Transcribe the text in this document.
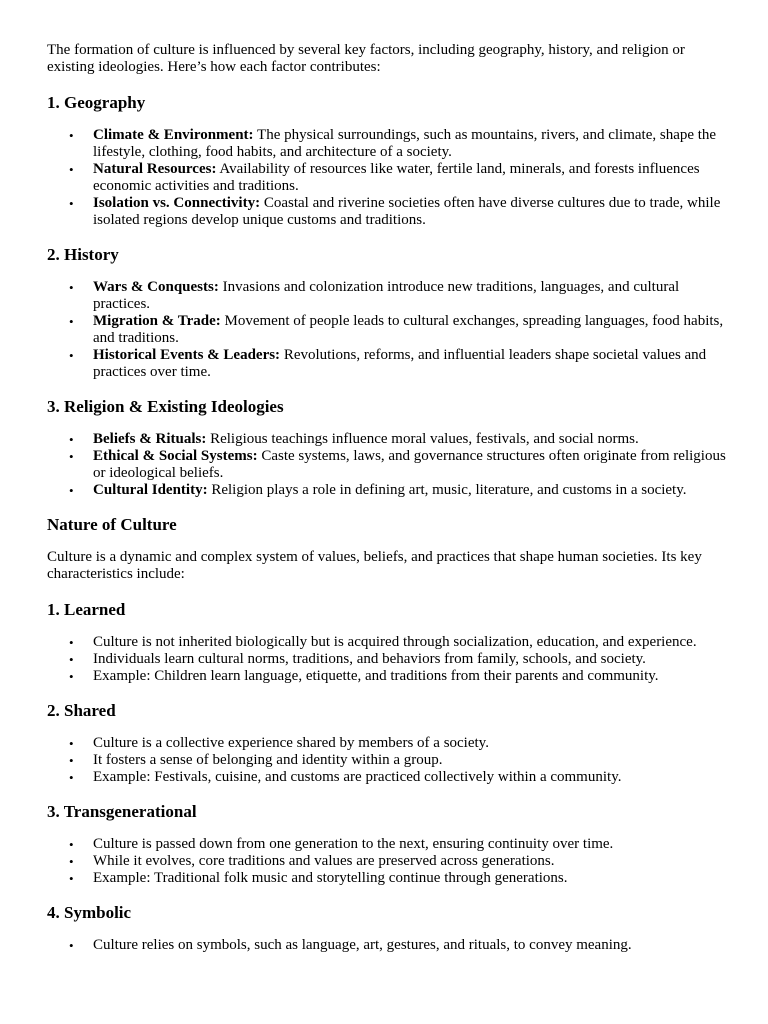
The formation of culture is influenced by several key factors, including geography, history, and religion or existing ideologies. Here’s how each factor contributes:

1. Geography
• Climate & Environment: The physical surroundings, such as mountains, rivers, and climate, shape the lifestyle, clothing, food habits, and architecture of a society.
• Natural Resources: Availability of resources like water, fertile land, minerals, and forests influences economic activities and traditions.
• Isolation vs. Connectivity: Coastal and riverine societies often have diverse cultures due to trade, while isolated regions develop unique customs and traditions.
2. History
• Wars & Conquests: Invasions and colonization introduce new traditions, languages, and cultural practices.
• Migration & Trade: Movement of people leads to cultural exchanges, spreading languages, food habits, and traditions.
• Historical Events & Leaders: Revolutions, reforms, and influential leaders shape societal values and practices over time.
3. Religion & Existing Ideologies
• Beliefs & Rituals: Religious teachings influence moral values, festivals, and social norms.
• Ethical & Social Systems: Caste systems, laws, and governance structures often originate from religious or ideological beliefs.
• Cultural Identity: Religion plays a role in defining art, music, literature, and customs in a society.
Nature of Culture

Culture is a dynamic and complex system of values, beliefs, and practices that shape human societies. Its key characteristics include:

1. Learned
• Culture is not inherited biologically but is acquired through socialization, education, and experience.
• Individuals learn cultural norms, traditions, and behaviors from family, schools, and society.
• Example: Children learn language, etiquette, and traditions from their parents and community.
2. Shared
• Culture is a collective experience shared by members of a society.
• It fosters a sense of belonging and identity within a group.
• Example: Festivals, cuisine, and customs are practiced collectively within a community.
3. Transgenerational
• Culture is passed down from one generation to the next, ensuring continuity over time.
• While it evolves, core traditions and values are preserved across generations.
• Example: Traditional folk music and storytelling continue through generations.
4. Symbolic
• Culture relies on symbols, such as language, art, gestures, and rituals, to convey meaning.
